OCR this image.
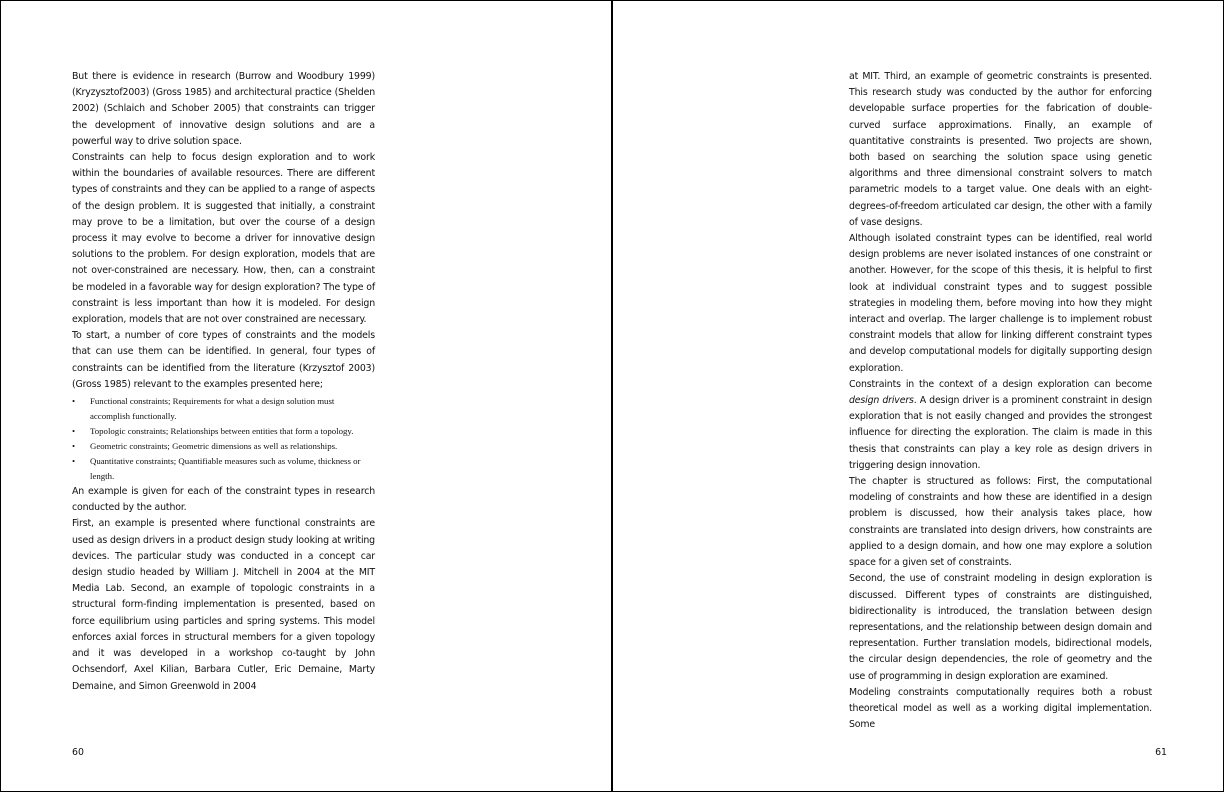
But there is evidence in research (Burrow and Woodbury 1999) (Kryzysztof2003) (Gross 1985) and architectural practice (Shelden 2002) (Schlaich and Schober 2005) that constraints can trigger the development of innovative design solutions and are a powerful way to drive solution space.

Constraints can help to focus design exploration and to work within the boundaries of available resources. There are different types of constraints and they can be applied to a range of aspects of the design problem. It is suggested that initially, a constraint may prove to be a limitation, but over the course of a design process it may evolve to become a driver for innovative design solutions to the problem. For design exploration, models that are not over-constrained are necessary. How, then, can a constraint be modeled in a favorable way for design exploration? The type of constraint is less important than how it is modeled. For design exploration, models that are not over constrained are necessary.

To start, a number of core types of constraints and the models that can use them can be identified. In general, four types of constraints can be identified from the literature (Krzysztof 2003) (Gross 1985) relevant to the examples presented here;

• Functional constraints; Requirements for what a design solution must accomplish functionally.
• Topologic constraints; Relationships between entities that form a topology.
• Geometric constraints; Geometric dimensions as well as relationships.
• Quantitative constraints; Quantifiable measures such as volume, thickness or length.

An example is given for each of the constraint types in research conducted by the author.

First, an example is presented where functional constraints are used as design drivers in a product design study looking at writing devices. The particular study was conducted in a concept car design studio headed by William J. Mitchell in 2004 at the MIT Media Lab. Second, an example of topologic constraints in a structural form-finding implementation is presented, based on force equilibrium using particles and spring systems. This model enforces axial forces in structural members for a given topology and it was developed in a workshop co-taught by John Ochsendorf, Axel Kilian, Barbara Cutler, Eric Demaine, Marty Demaine, and Simon Greenwold in 2004

60

at MIT. Third, an example of geometric constraints is presented. This research study was conducted by the author for enforcing developable surface properties for the fabrication of double-curved surface approximations. Finally, an example of quantitative constraints is presented. Two projects are shown, both based on searching the solution space using genetic algorithms and three dimensional constraint solvers to match parametric models to a target value. One deals with an eight-degrees-of-freedom articulated car design, the other with a family of vase designs.

Although isolated constraint types can be identified, real world design problems are never isolated instances of one constraint or another. However, for the scope of this thesis, it is helpful to first look at individual constraint types and to suggest possible strategies in modeling them, before moving into how they might interact and overlap. The larger challenge is to implement robust constraint models that allow for linking different constraint types and develop computational models for digitally supporting design exploration.

Constraints in the context of a design exploration can become design drivers. A design driver is a prominent constraint in design exploration that is not easily changed and provides the strongest influence for directing the exploration. The claim is made in this thesis that constraints can play a key role as design drivers in triggering design innovation.

The chapter is structured as follows: First, the computational modeling of constraints and how these are identified in a design problem is discussed, how their analysis takes place, how constraints are translated into design drivers, how constraints are applied to a design domain, and how one may explore a solution space for a given set of constraints.

Second, the use of constraint modeling in design exploration is discussed. Different types of constraints are distinguished, bidirectionality is introduced, the translation between design representations, and the relationship between design domain and representation. Further translation models, bidirectional models, the circular design dependencies, the role of geometry and the use of programming in design exploration are examined.

Modeling constraints computationally requires both a robust theoretical model as well as a working digital implementation. Some

61
